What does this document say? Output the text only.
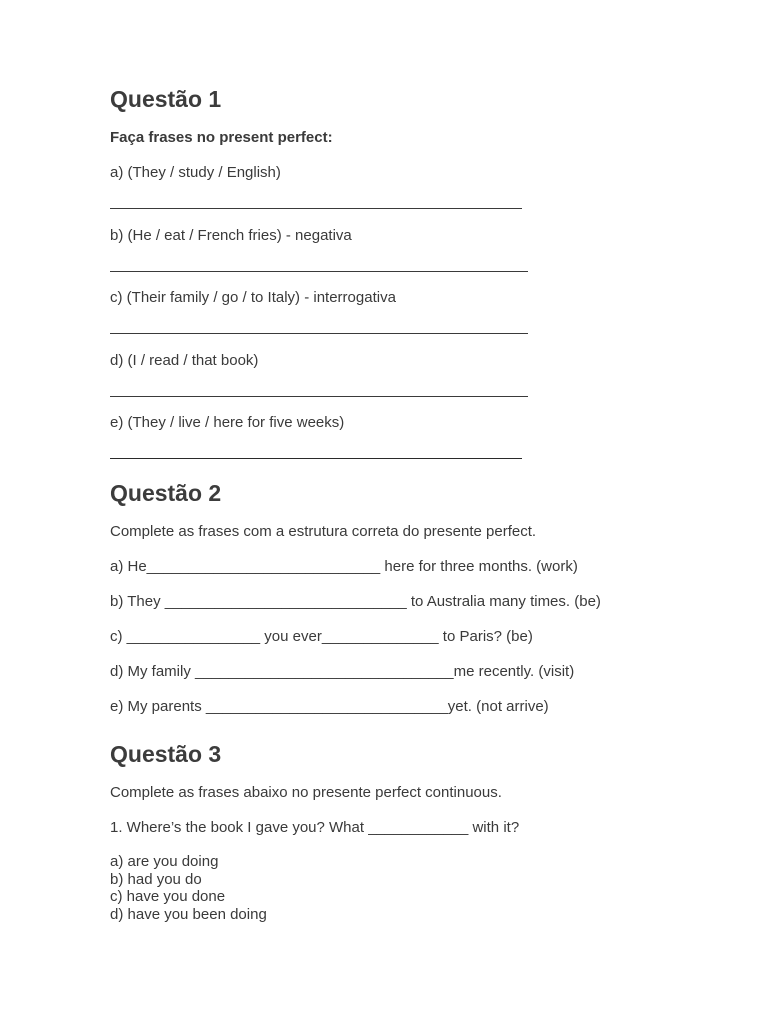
Questão 1
Faça frases no present perfect:
a) (They / study / English)
b) (He / eat / French fries) - negativa
c) (Their family / go / to Italy) - interrogativa
d) (I / read / that book)
e) (They / live / here for five weeks)
Questão 2
Complete as frases com a estrutura correta do presente perfect.
a) He____________________________ here for three months. (work)
b) They _____________________________ to Australia many times. (be)
c) ________________ you ever______________ to Paris? (be)
d) My family _______________________________me recently. (visit)
e) My parents _____________________________yet. (not arrive)
Questão 3
Complete as frases abaixo no presente perfect continuous.
1. Where’s the book I gave you? What ____________ with it?
a) are you doing
b) had you do
c) have you done
d) have you been doing
